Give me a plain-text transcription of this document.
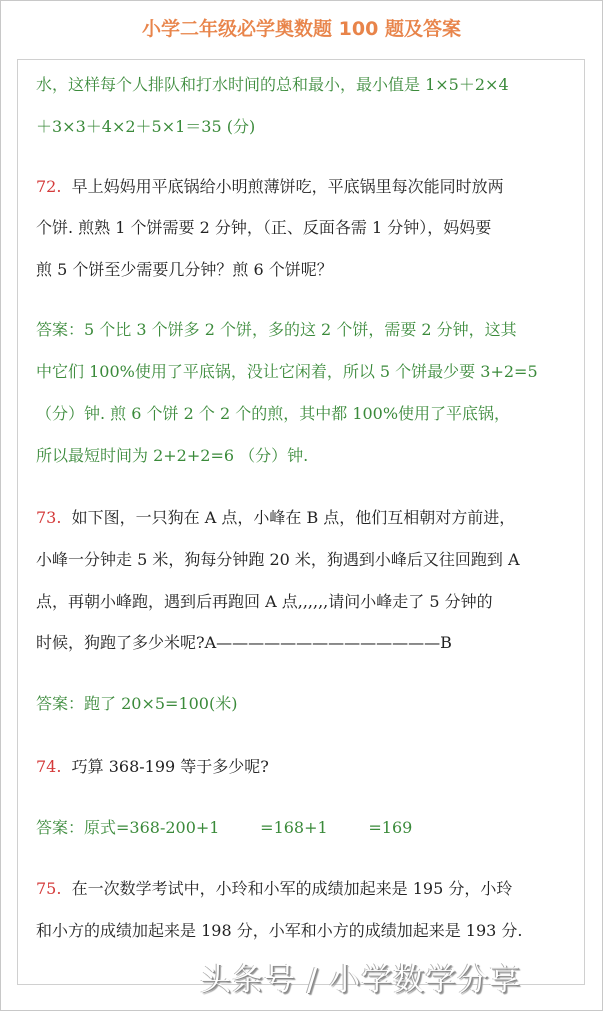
小学二年级必学奥数题 100 题及答案
水，这样每个人排队和打水时间的总和最小，最小值是 1×5＋2×4
＋3×3＋4×2＋5×1＝35 (分)
72.  早上妈妈用平底锅给小明煎薄饼吃，平底锅里每次能同时放两
个饼. 煎熟 1 个饼需要 2 分钟，（正、反面各需 1 分钟），妈妈要
煎 5 个饼至少需要几分钟？煎 6 个饼呢？
答案：5 个比 3 个饼多 2 个饼，多的这 2 个饼，需要 2 分钟，这其
中它们 100%使用了平底锅，没让它闲着，所以 5 个饼最少要 3+2=5
（分）钟. 煎 6 个饼 2 个 2 个的煎，其中都 100%使用了平底锅，
所以最短时间为 2+2+2=6 （分）钟.
73.  如下图，一只狗在 A 点，小峰在 B 点，他们互相朝对方前进，
小峰一分钟走 5 米，狗每分钟跑 20 米，狗遇到小峰后又往回跑到 A
点，再朝小峰跑，遇到后再跑回 A 点,,,,,,请问小峰走了 5 分钟的
时候，狗跑了多少米呢?A——————————————B
答案：跑了 20×5=100(米)
74.  巧算 368-199 等于多少呢?
答案：原式=368-200+1        =168+1        =169
75.  在一次数学考试中，小玲和小军的成绩加起来是 195 分，小玲
和小方的成绩加起来是 198 分，小军和小方的成绩加起来是 193 分.
头条号 / 小学数学分享
